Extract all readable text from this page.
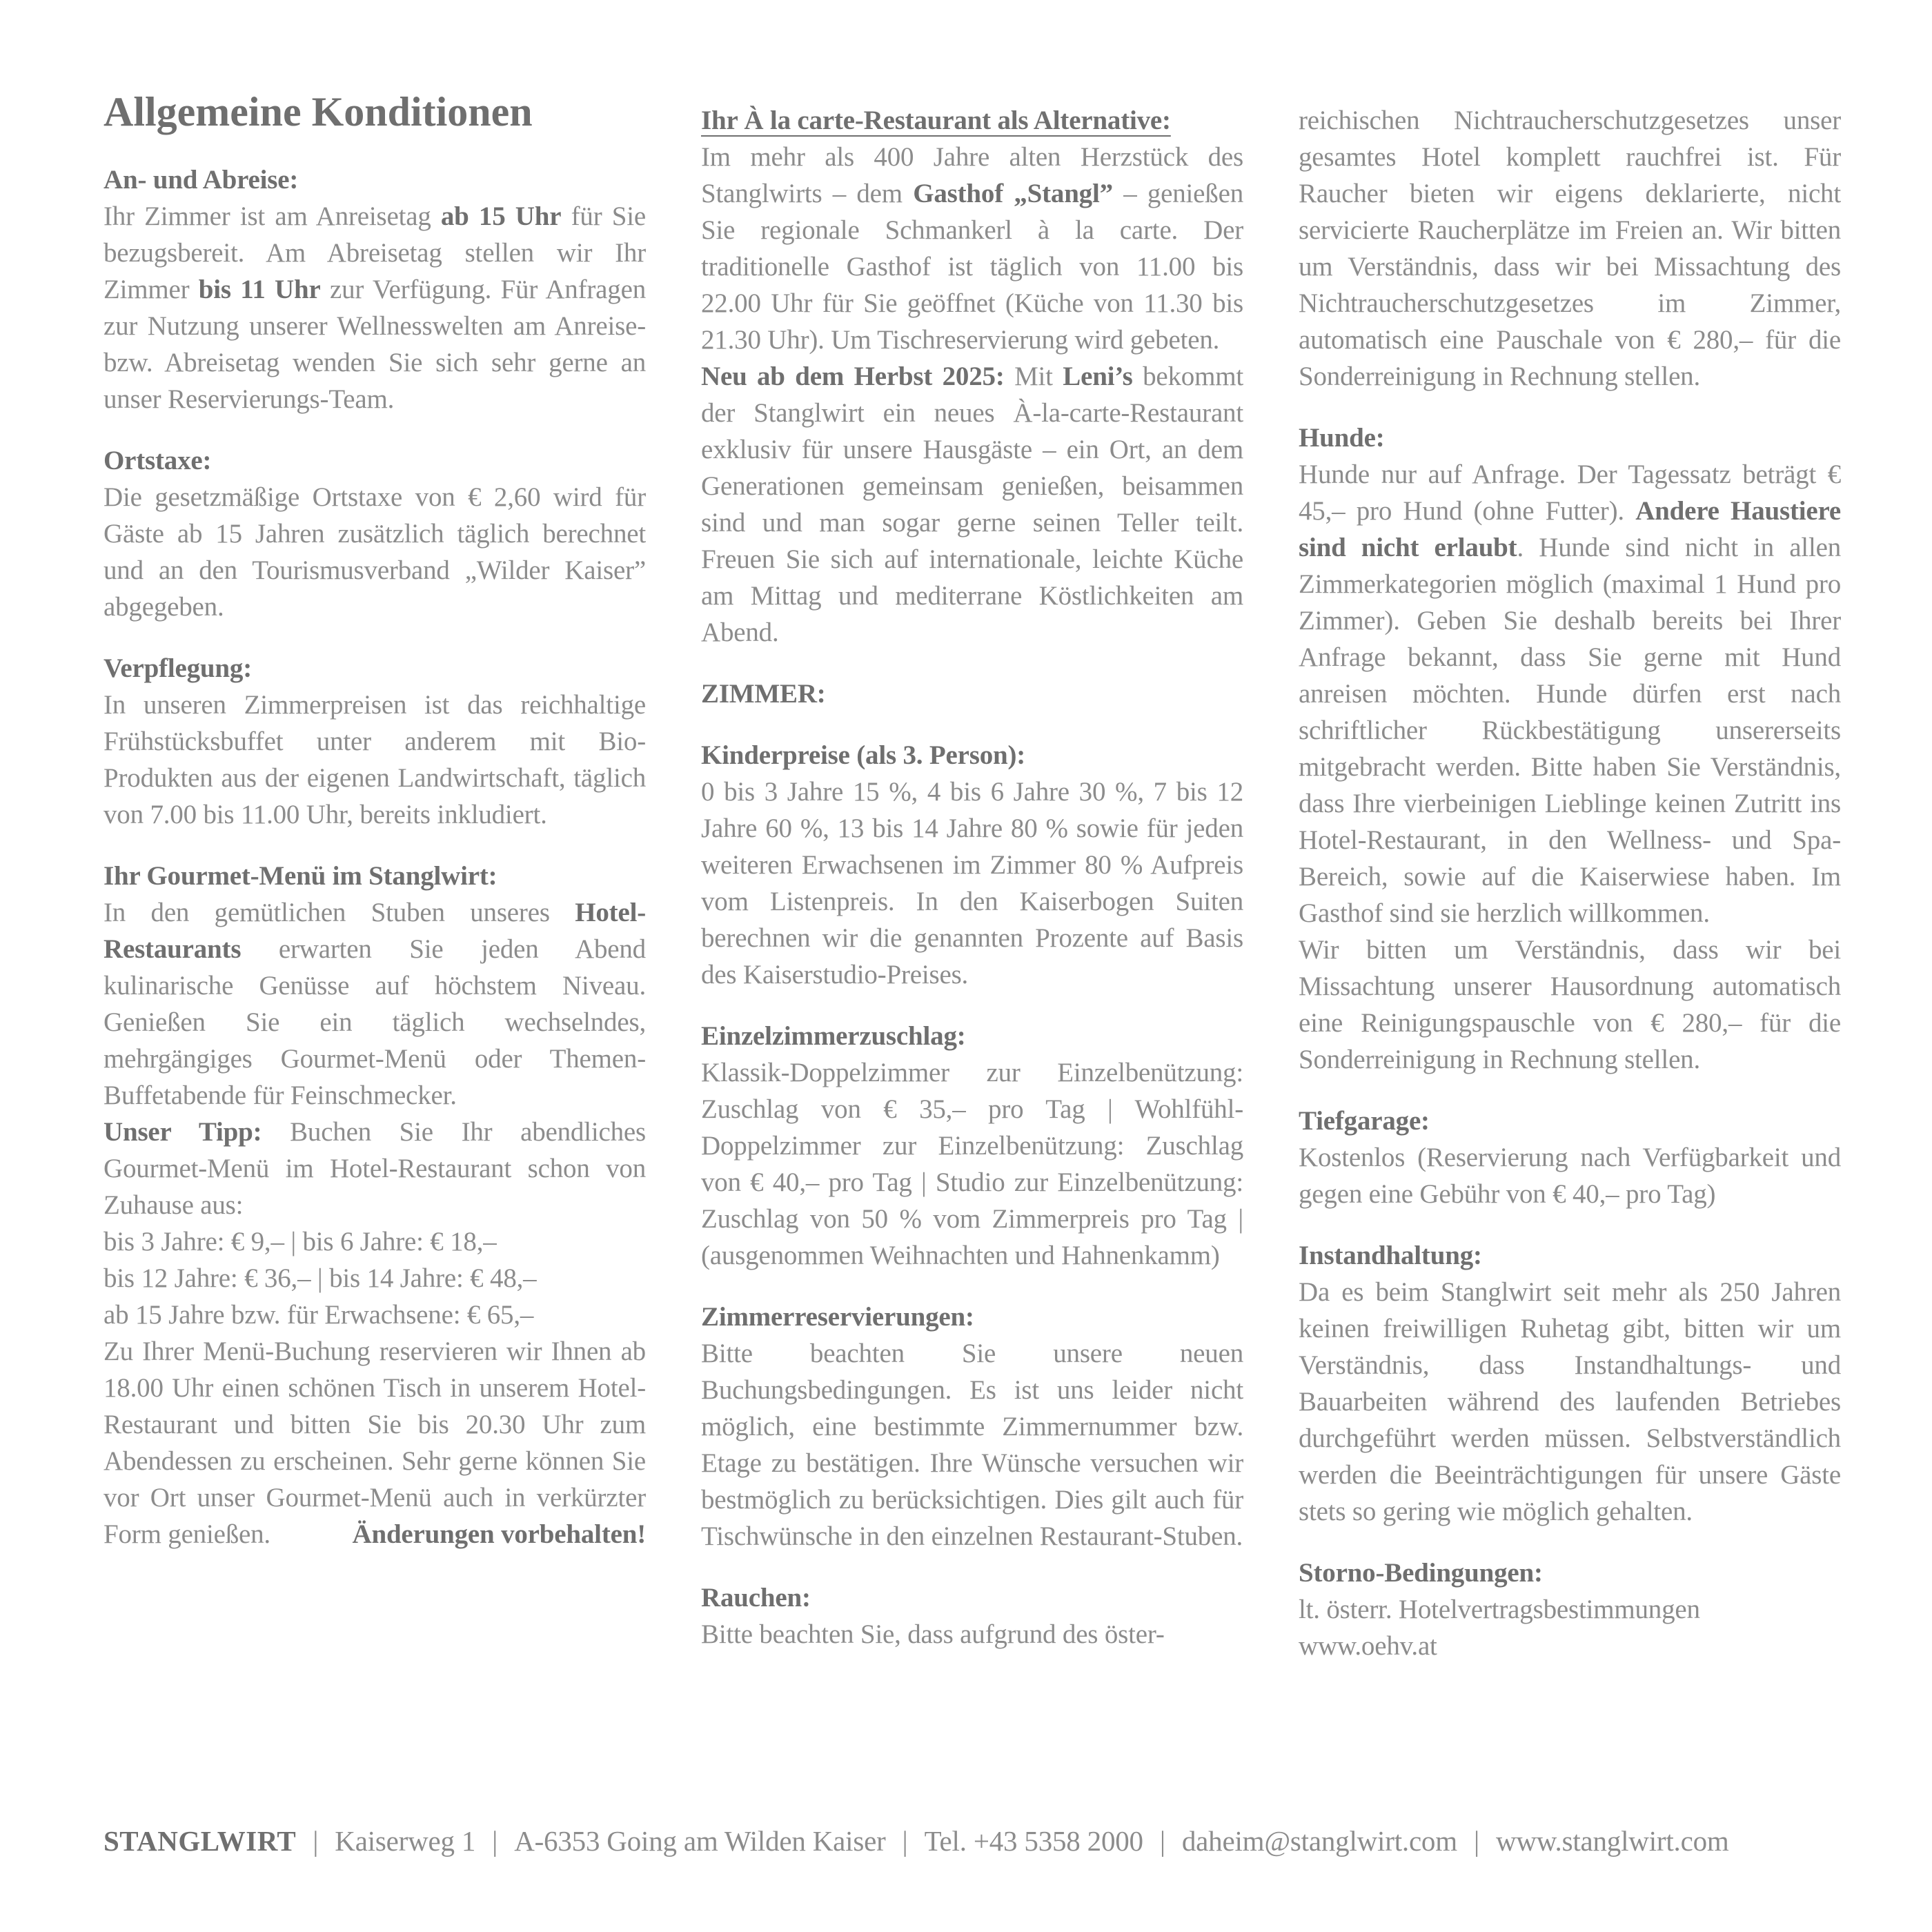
Allgemeine Konditionen
An- und Abreise:

Ihr Zimmer ist am Anreisetag ab 15 Uhr für Sie bezugsbereit. Am Abreisetag stellen wir Ihr Zimmer bis 11 Uhr zur Verfügung. Für Anfragen zur Nutzung unserer Wellnesswelten am Anreise- bzw. Abreisetag wenden Sie sich sehr gerne an unser Reservierungs-Team.

Ortstaxe:

Die gesetzmäßige Ortstaxe von € 2,60 wird für Gäste ab 15 Jahren zusätzlich täglich berechnet und an den Tourismusverband „Wilder Kaiser” abgegeben.

Verpflegung:

In unseren Zimmerpreisen ist das reichhaltige Frühstücksbuffet unter anderem mit Bio-Produkten aus der eigenen Landwirtschaft, täglich von 7.00 bis 11.00 Uhr, bereits inkludiert.

Ihr Gourmet-Menü im Stanglwirt:

In den gemütlichen Stuben unseres Hotel-Restaurants erwarten Sie jeden Abend kulinarische Genüsse auf höchstem Niveau. Genießen Sie ein täglich wechselndes, mehrgängiges Gourmet-Menü oder Themen-Buffetabende für Feinschmecker.

Unser Tipp: Buchen Sie Ihr abendliches Gourmet-Menü im Hotel-Restaurant schon von Zuhause aus:

bis 3 Jahre: € 9,– | bis 6 Jahre: € 18,–
bis 12 Jahre: € 36,– | bis 14 Jahre: € 48,–
ab 15 Jahre bzw. für Erwachsene: € 65,–

Zu Ihrer Menü-Buchung reservieren wir Ihnen ab 18.00 Uhr einen schönen Tisch in unserem Hotel-Restaurant und bitten Sie bis 20.30 Uhr zum Abendessen zu erscheinen. Sehr gerne können Sie vor Ort unser Gourmet-Menü auch in verkürzter Form genießen.	Änderungen vorbehalten!

Ihr À la carte-Restaurant als Alternative:

Im mehr als 400 Jahre alten Herzstück des Stanglwirts – dem Gasthof „Stangl” – genießen Sie regionale Schmankerl à la carte. Der traditionelle Gasthof ist täglich von 11.00 bis 22.00 Uhr für Sie geöffnet (Küche von 11.30 bis 21.30 Uhr). Um Tischreservierung wird gebeten.

Neu ab dem Herbst 2025: Mit Leni’s bekommt der Stanglwirt ein neues À-la-carte-Restaurant exklusiv für unsere Hausgäste – ein Ort, an dem Generationen gemeinsam genießen, beisammen sind und man sogar gerne seinen Teller teilt. Freuen Sie sich auf internationale, leichte Küche am Mittag und mediterrane Köstlichkeiten am Abend.

ZIMMER:
Kinderpreise (als 3. Person):

0 bis 3 Jahre 15 %, 4 bis 6 Jahre 30 %, 7 bis 12 Jahre 60 %, 13 bis 14 Jahre 80 % sowie für jeden weiteren Erwachsenen im Zimmer 80 % Aufpreis vom Listenpreis. In den Kaiserbogen Suiten berechnen wir die genannten Prozente auf Basis des Kaiserstudio-Preises.

Einzelzimmerzuschlag:

Klassik-Doppelzimmer zur Einzelbenützung: Zuschlag von € 35,– pro Tag | Wohlfühl-Doppelzimmer zur Einzelbenützung: Zuschlag von € 40,– pro Tag | Studio zur Einzelbenützung: Zuschlag von 50 % vom Zimmerpreis pro Tag | (ausgenommen Weihnachten und Hahnenkamm)

Zimmerreservierungen:

Bitte beachten Sie unsere neuen Buchungsbedingungen. Es ist uns leider nicht möglich, eine bestimmte Zimmernummer bzw. Etage zu bestätigen. Ihre Wünsche versuchen wir bestmöglich zu berücksichtigen. Dies gilt auch für Tischwünsche in den einzelnen Restaurant-Stuben.

Rauchen:

Bitte beachten Sie, dass aufgrund des öster-

reichischen Nichtraucherschutzgesetzes unser gesamtes Hotel komplett rauchfrei ist. Für Raucher bieten wir eigens deklarierte, nicht servicierte Raucherplätze im Freien an. Wir bitten um Verständnis, dass wir bei Missachtung des Nichtraucherschutzgesetzes im Zimmer, automatisch eine Pauschale von € 280,– für die Sonderreinigung in Rechnung stellen.

Hunde:

Hunde nur auf Anfrage. Der Tagessatz beträgt € 45,– pro Hund (ohne Futter). Andere Haustiere sind nicht erlaubt. Hunde sind nicht in allen Zimmerkategorien möglich (maximal 1 Hund pro Zimmer). Geben Sie deshalb bereits bei Ihrer Anfrage bekannt, dass Sie gerne mit Hund anreisen möchten. Hunde dürfen erst nach schriftlicher Rückbestätigung unsererseits mitgebracht werden. Bitte haben Sie Verständnis, dass Ihre vierbeinigen Lieblinge keinen Zutritt ins Hotel-Restaurant, in den Wellness- und Spa-Bereich, sowie auf die Kaiserwiese haben. Im Gasthof sind sie herzlich willkommen.

Wir bitten um Verständnis, dass wir bei Missachtung unserer Hausordnung automatisch eine Reinigungspauschle von € 280,– für die Sonderreinigung in Rechnung stellen.

Tiefgarage:

Kostenlos (Reservierung nach Verfügbarkeit und gegen eine Gebühr von € 40,– pro Tag)

Instandhaltung:

Da es beim Stanglwirt seit mehr als 250 Jahren keinen freiwilligen Ruhetag gibt, bitten wir um Verständnis, dass Instandhaltungs- und Bauarbeiten während des laufenden Betriebes durchgeführt werden müssen. Selbstverständlich werden die Beeinträchtigungen für unsere Gäste stets so gering wie möglich gehalten.

Storno-Bedingungen:
lt. österr. Hotelvertragsbestimmungen
www.oehv.at
STANGLWIRT | Kaiserweg 1 | A-6353 Going am Wilden Kaiser | Tel. +43 5358 2000 | daheim@stanglwirt.com | www.stanglwirt.com
